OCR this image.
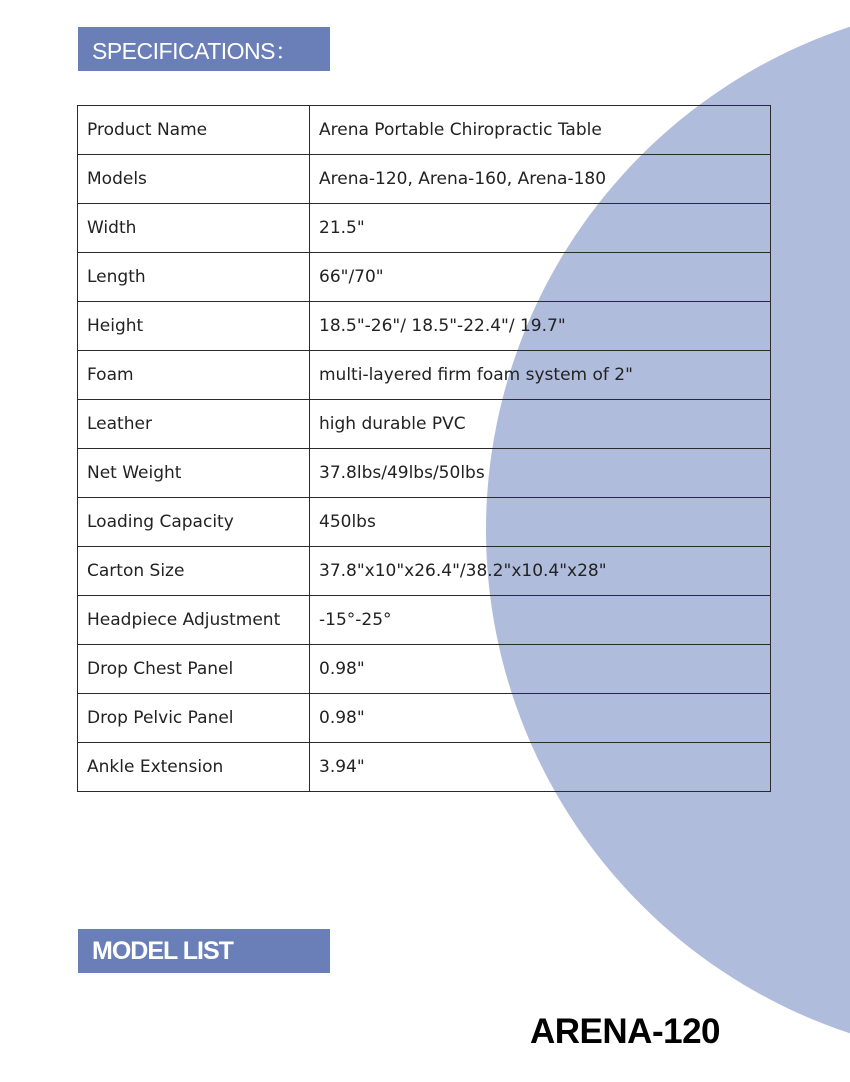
SPECIFICATIONS：
Product Name	Arena Portable Chiropractic Table
Models	Arena-120, Arena-160, Arena-180
Width	21.5"
Length	66"/70"
Height	18.5"-26"/ 18.5"-22.4"/ 19.7"
Foam	multi-layered firm foam system of 2"
Leather	high durable PVC
Net Weight	37.8lbs/49lbs/50lbs
Loading Capacity	450lbs
Carton Size	37.8"x10"x26.4"/38.2"x10.4"x28"
Headpiece Adjustment	-15°-25°
Drop Chest Panel	0.98"
Drop Pelvic Panel	0.98"
Ankle Extension	3.94"
MODEL LIST
ARENA-120
